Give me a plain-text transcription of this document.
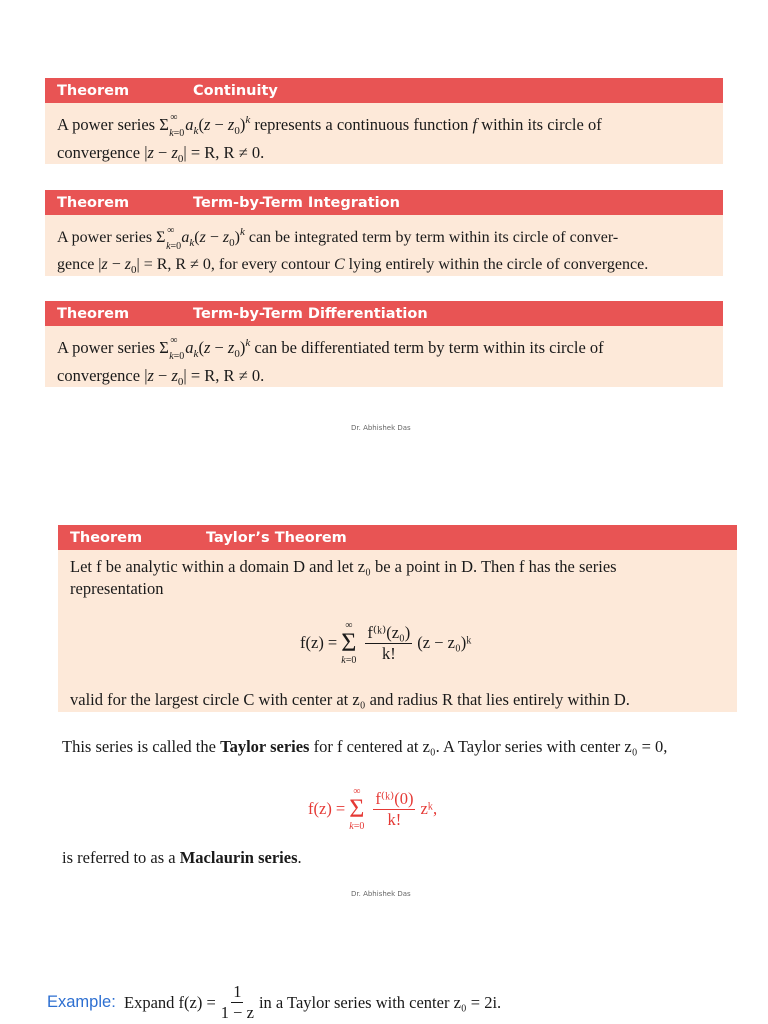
Theorem	Continuity
A power series Σ ∞
k=0 $a_k(z - z_0)^k$ represents a continuous function f within its circle of
convergence $|z - z_0| = R$, R ≠ 0.
Theorem	Term-by-Term Integration
A power series Σ ∞
k=0
$a_k(z - z_0)^k$ can be integrated term by term within its circle of conver-
gence $|z - z_0| = R$, R ≠ 0, for every contour C lying entirely within the circle of convergence.
Theorem	Term-by-Term Differentiation
A power series Σ ∞
k=0 $a_k(z - z_0)^k$ can be differentiated term by term within its circle of
convergence $|z - z_0| = R$, R ≠ 0.
Dr. Abhishek Das
Theorem	Taylor’s Theorem
Let f be analytic within a domain D and let z₀ be a point in D. Then f has the series
representation
f(z) =
∞
Σ
$k=0 \frac{\text{f⁽ᵏ⁾(z₀)}}{k!} (z$ − z₀)ᵏ
valid for the largest circle C with center at z₀ and radius R that lies entirely within D.
This series is called the Taylor series for f centered at z₀. A Taylor series with center z₀ = 0,
f(z) =
∞
Σ
$k=0 \frac{\text{f⁽ᵏ⁾(0)}}{k!}$ zᵏ,
is referred to as a Maclaurin series.
Dr. Abhishek Das
Example:
Expand $f(z) = \frac{1}{1 - z}$ in a Taylor series with center z₀ = 2i.
